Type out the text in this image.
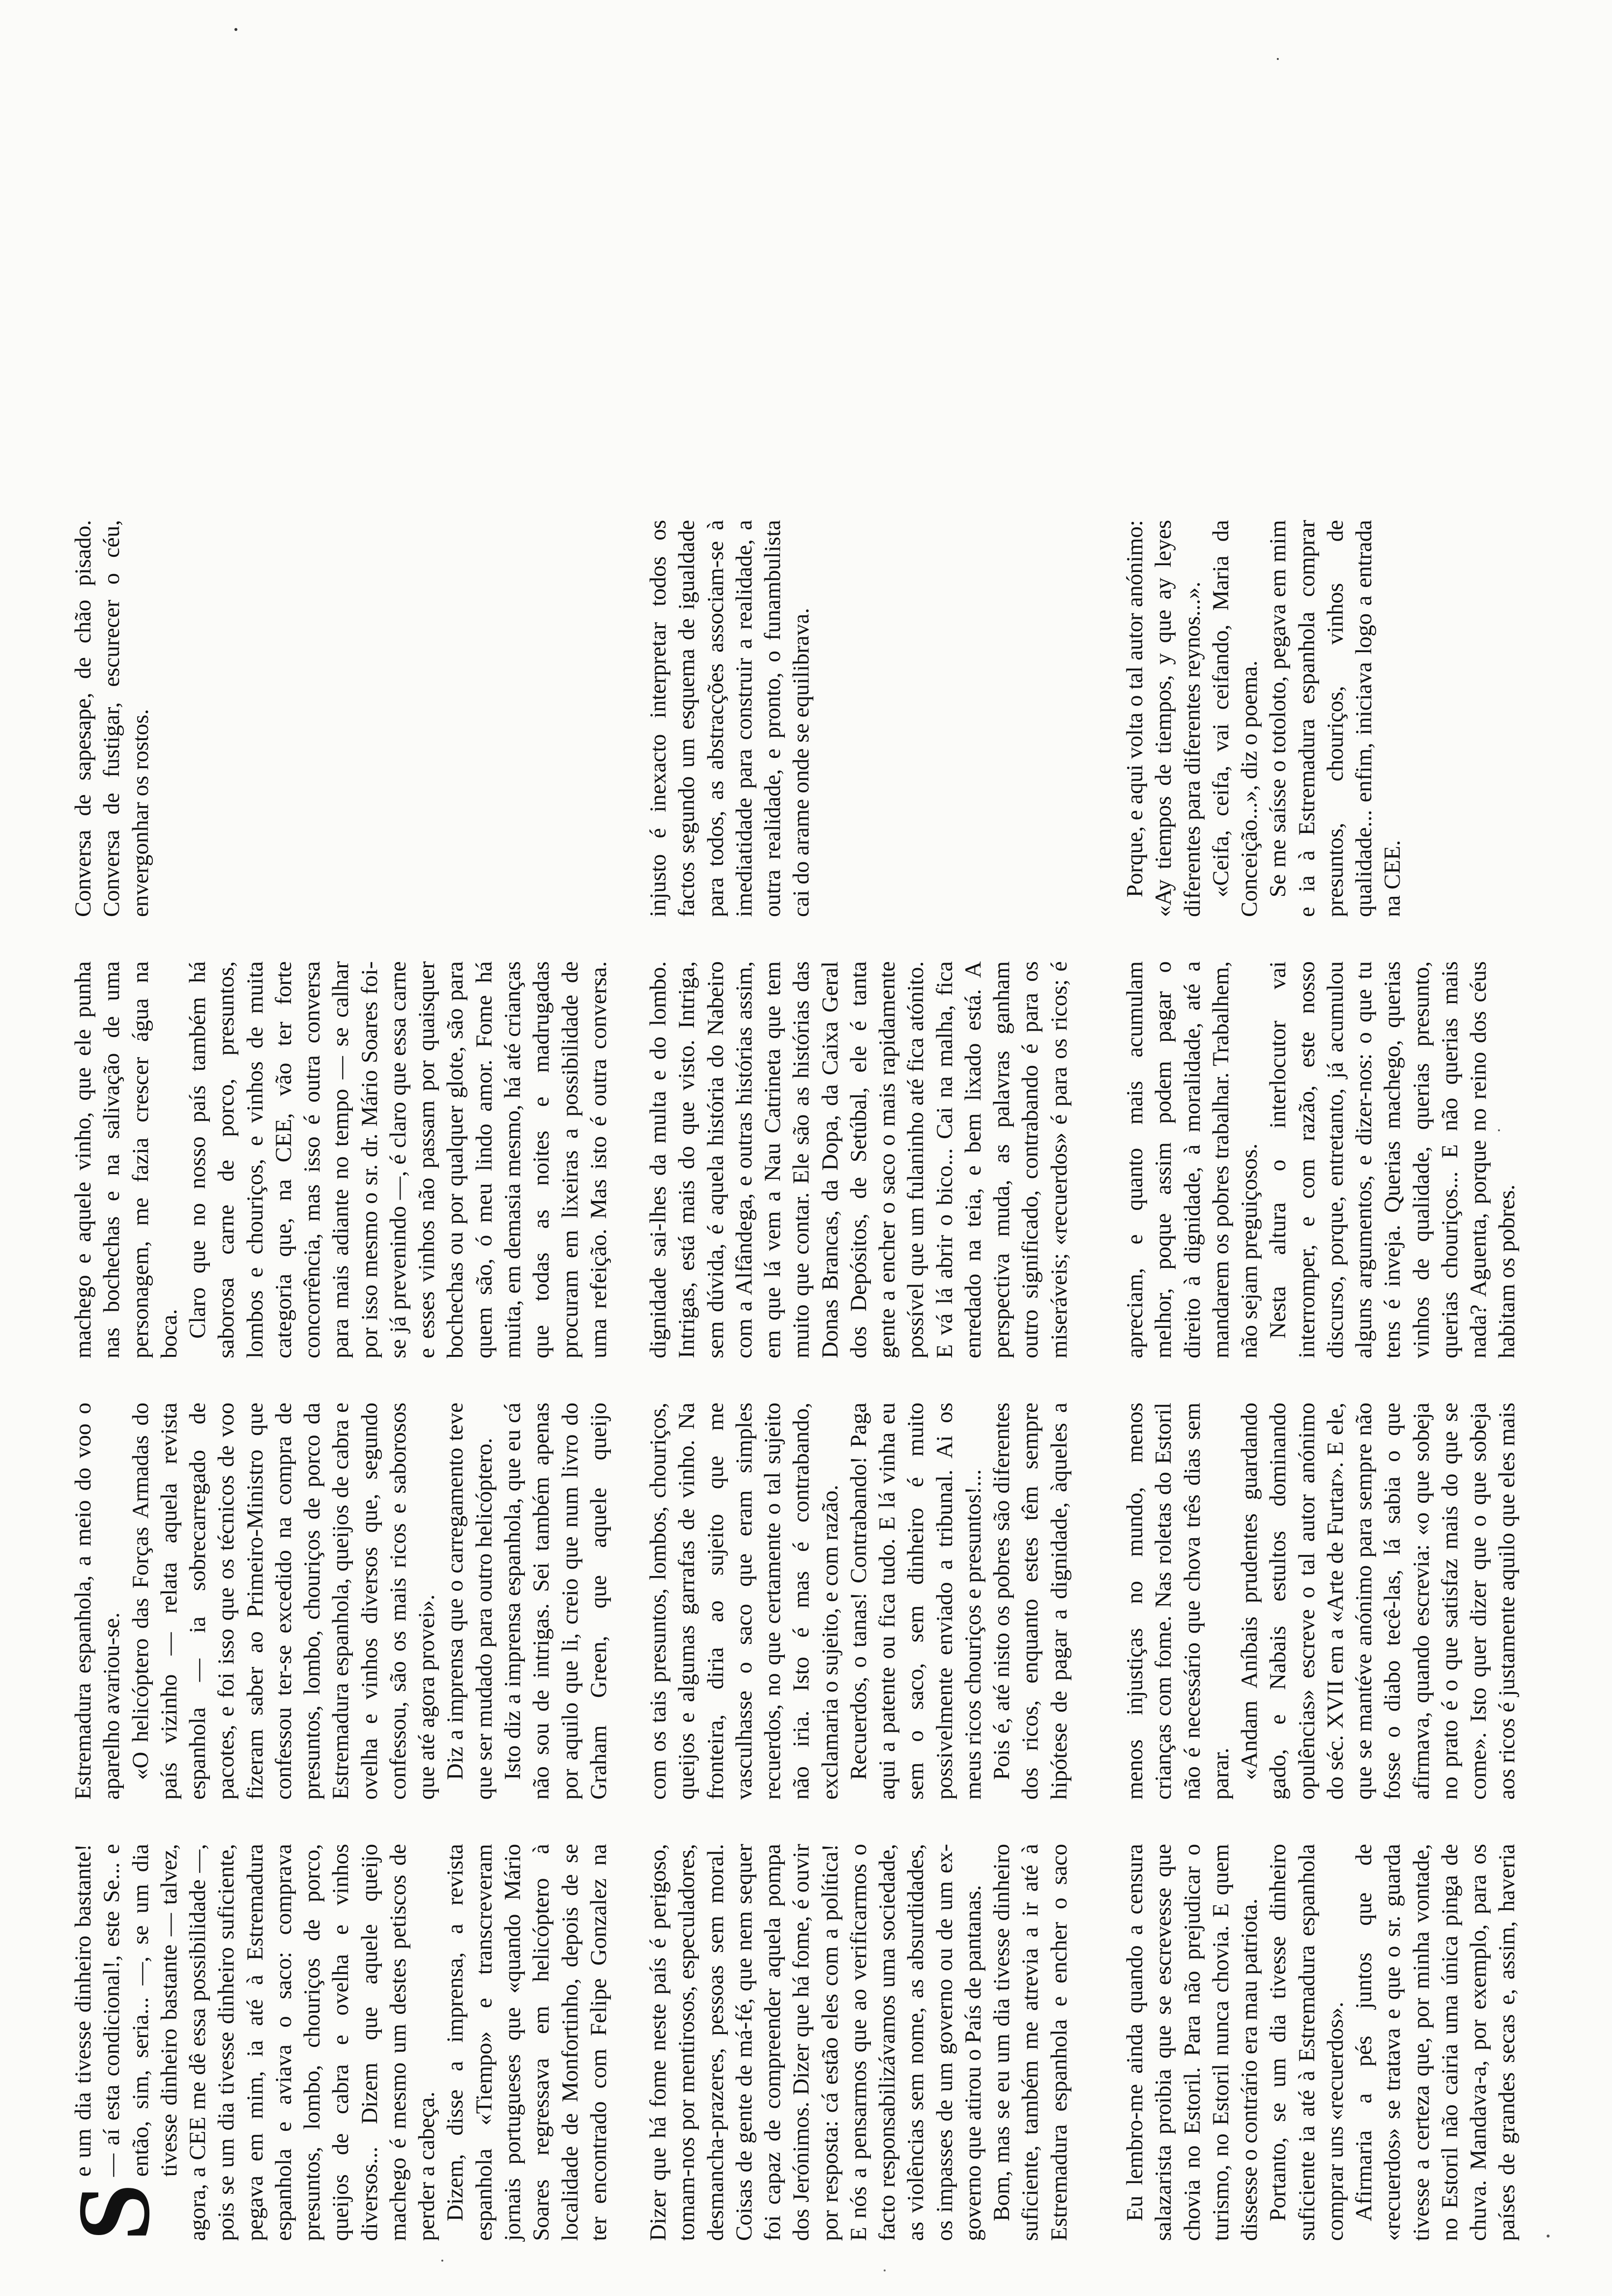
S
e um dia tivesse dinheiro bastante! — aí esta condicional!, este Se... e então, sim, seria... —, se um dia tivesse dinheiro bastante — talvez, agora, a CEE me dê essa possibilidade —, pois se um dia tivesse dinheiro suficiente, pegava em mim, ia até à Estremadura espanhola e aviava o saco: comprava presuntos, lombo, chouriços de porco, queijos de cabra e ovelha e vinhos diversos... Dizem que aquele queijo machego é mesmo um destes petiscos de perder a cabeça. Dizem, disse a imprensa, a revista espanhola «Tiempo» e transcreveram jornais portugueses que «quando Mário Soares regressava em helicóptero à localidade de Monfortinho, depois de se ter encontrado com Felipe Gonzalez na Estremadura espanhola, a meio do voo o aparelho avariou-se. «O helicóptero das Forças Armadas do país vizinho — relata aquela revista espanhola — ia sobrecarregado de pacotes, e foi isso que os técnicos de voo fizeram saber ao Primeiro-Ministro que confessou ter-se excedido na compra de presuntos, lombo, chouriços de porco da Estremadura espanhola, queijos de cabra e ovelha e vinhos diversos que, segundo confessou, são os mais ricos e saborosos que até agora provei». Diz a imprensa que o carregamento teve que ser mudado para outro helicóptero. Isto diz a imprensa espanhola, que eu cá não sou de intrigas. Sei também apenas por aquilo que li, creio que num livro do Graham Green, que aquele queijo machego e aquele vinho, que ele punha nas bochechas e na salivação de uma personagem, me fazia crescer água na boca. Claro que no nosso país também há saborosa carne de porco, presuntos, lombos e chouriços, e vinhos de muita categoria que, na CEE, vão ter forte concorrência, mas isso é outra conversa para mais adiante no tempo — se calhar por isso mesmo o sr. dr. Mário Soares foi-se já prevenindo —, é claro que essa carne e esses vinhos não passam por quaisquer bochechas ou por qualquer glote, são para quem são, ó meu lindo amor. Fome há muita, em demasia mesmo, há até crianças que todas as noites e madrugadas procuram em lixeiras a possibilidade de uma refeição. Mas isto é outra conversa. Conversa de sapesape, de chão pisado. Conversa de fustigar, escurecer o céu, envergonhar os rostos.

Dizer que há fome neste país é perigoso, tomam-nos por mentirosos, especuladores, desmancha-prazeres, pessoas sem moral. Coisas de gente de má-fé, que nem sequer foi capaz de compreender aquela pompa dos Jerónimos. Dizer que há fome, é ouvir por resposta: cá estão eles com a política! E nós a pensarmos que ao verificarmos o facto responsabilizávamos uma sociedade, as violências sem nome, as absurdidades, os impasses de um governo ou de um ex-governo que atirou o País de pantanas. Bom, mas se eu um dia tivesse dinheiro suficiente, também me atrevia a ir até à Estremadura espanhola e encher o saco com os tais presuntos, lombos, chouriços, queijos e algumas garrafas de vinho. Na fronteira, diria ao sujeito que me vasculhasse o saco que eram simples recuerdos, no que certamente o tal sujeito não iria. Isto é mas é contrabando, exclamaria o sujeito, e com razão. Recuerdos, o tanas! Contrabando! Paga aqui a patente ou fica tudo. E lá vinha eu sem o saco, sem dinheiro é muito possivelmente enviado a tribunal. Ai os meus ricos chouriços e presuntos!... Pois é, até nisto os pobres são diferentes dos ricos, enquanto estes têm sempre hipótese de pagar a dignidade, àqueles a dignidade sai-lhes da multa e do lombo. Intrigas, está mais do que visto. Intriga, sem dúvida, é aquela história do Nabeiro com a Alfândega, e outras histórias assim, em que lá vem a Nau Catrineta que tem muito que contar. Ele são as histórias das Donas Brancas, da Dopa, da Caixa Geral dos Depósitos, de Setúbal, ele é tanta gente a encher o saco o mais rapidamente possível que um fulaninho até fica atónito. E vá lá abrir o bico... Cai na malha, fica enredado na teia, e bem lixado está. A perspectiva muda, as palavras ganham outro significado, contrabando é para os miseráveis; «recuerdos» é para os ricos; é injusto é inexacto interpretar todos os factos segundo um esquema de igualdade para todos, as abstracções associam-se à imediatidade para construir a realidade, a outra realidade, e pronto, o funambulista cai do arame onde se equilibrava.

Eu lembro-me ainda quando a censura salazarista proibia que se escrevesse que chovia no Estoril. Para não prejudicar o turismo, no Estoril nunca chovia. E quem dissesse o contrário era mau patriota. Portanto, se um dia tivesse dinheiro suficiente ia até à Estremadura espanhola comprar uns «recuerdos». Afirmaria a pés juntos que de «recuerdos» se tratava e que o sr. guarda tivesse a certeza que, por minha vontade, no Estoril não cairia uma única pinga de chuva. Mandava-a, por exemplo, para os países de grandes secas e, assim, haveria menos injustiças no mundo, menos crianças com fome. Nas roletas do Estoril não é necessário que chova três dias sem parar. «Andam Aníbais prudentes guardando gado, e Nabais estultos dominando opulências» escreve o tal autor anónimo do séc. XVII em a «Arte de Furtar». E ele, que se mantéve anónimo para sempre não fosse o diabo tecê-las, lá sabia o que afirmava, quando escrevia: «o que sobeja no prato é o que satisfaz mais do que se come». Isto quer dizer que o que sobeja aos ricos é justamente aquilo que eles mais apreciam, e quanto mais acumulam melhor, poque assim podem pagar o direito à dignidade, à moralidade, até a mandarem os pobres trabalhar. Trabalhem, não sejam preguiçosos. Nesta altura o interlocutor vai interromper, e com razão, este nosso discurso, porque, entretanto, já acumulou alguns argumentos, e dizer-nos: o que tu tens é inveja. Querias machego, querias vinhos de qualidade, querias presunto, querias chouriços... E não querias mais nada? Aguenta, porque no reino dos céus habitam os pobres.

Porque, e aqui volta o tal autor anónimo: «Ay tiempos de tiempos, y que ay leyes diferentes para diferentes reynos...». «Ceifa, ceifa, vai ceifando, Maria da Conceição...», diz o poema. Se me saísse o totoloto, pegava em mim e ia à Estremadura espanhola comprar presuntos, chouriços, vinhos de qualidade... enfim, iniciava logo a entrada na CEE.
